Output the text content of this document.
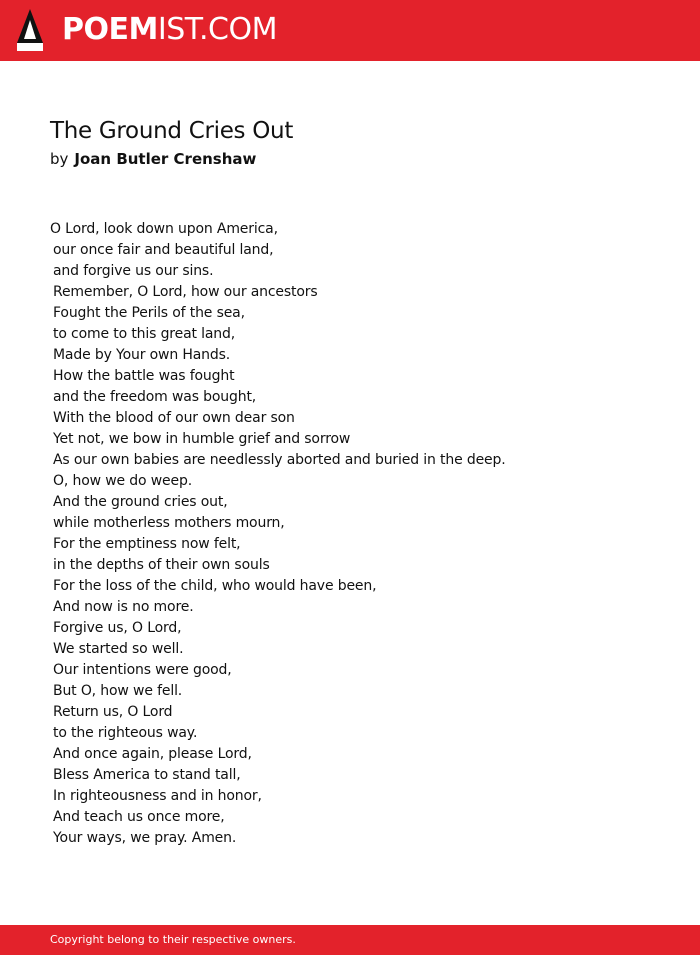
POEMIST.COM
The Ground Cries Out
by Joan Butler Crenshaw
O Lord, look down upon America,
our once fair and beautiful land,
and forgive us our sins.
Remember, O Lord, how our ancestors
Fought the Perils of the sea,
to come to this great land,
Made by Your own Hands.
How the battle was fought
and the freedom was bought,
With the blood of our own dear son
Yet not, we bow in humble grief and sorrow
As our own babies are needlessly aborted and buried in the deep.
O, how we do weep.
And the ground cries out,
while motherless mothers mourn,
For the emptiness now felt,
in the depths of their own souls
For the loss of the child, who would have been,
And now is no more.
Forgive us, O Lord,
We started so well.
Our intentions were good,
But O, how we fell.
Return us, O Lord
to the righteous way.
And once again, please Lord,
Bless America to stand tall,
In righteousness and in honor,
And teach us once more,
Your ways, we pray. Amen.
Copyright belong to their respective owners.
